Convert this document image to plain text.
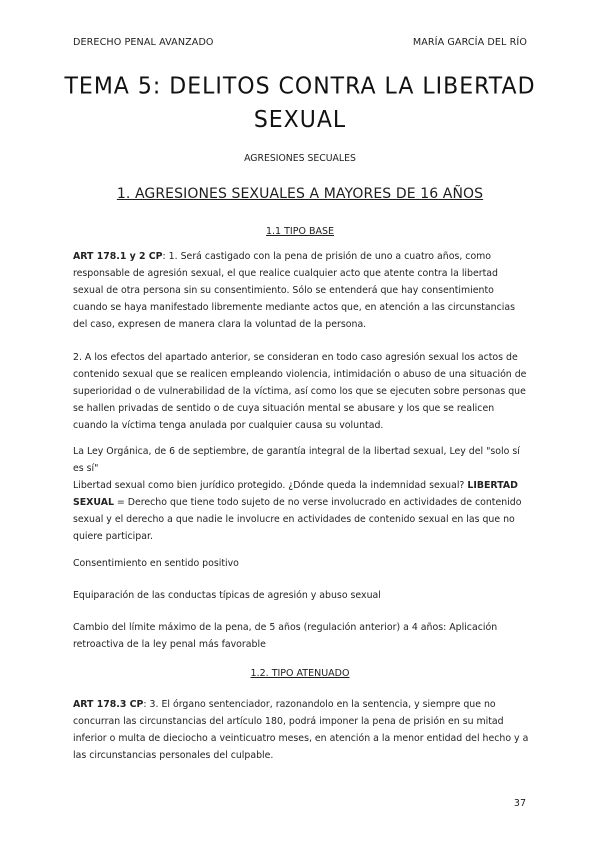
DERECHO PENAL AVANZADO	MARÍA GARCÍA DEL RÍO
TEMA 5: DELITOS CONTRA LA LIBERTAD SEXUAL
AGRESIONES SECUALES
1. AGRESIONES SEXUALES A MAYORES DE 16 AÑOS
1.1 TIPO BASE

ART 178.1 y 2 CP: 1. Será castigado con la pena de prisión de uno a cuatro años, como responsable de agresión sexual, el que realice cualquier acto que atente contra la libertad sexual de otra persona sin su consentimiento. Sólo se entenderá que hay consentimiento cuando se haya manifestado libremente mediante actos que, en atención a las circunstancias del caso, expresen de manera clara la voluntad de la persona.

2. A los efectos del apartado anterior, se consideran en todo caso agresión sexual los actos de contenido sexual que se realicen empleando violencia, intimidación o abuso de una situación de superioridad o de vulnerabilidad de la víctima, así como los que se ejecuten sobre personas que se hallen privadas de sentido o de cuya situación mental se abusare y los que se realicen cuando la víctima tenga anulada por cualquier causa su voluntad.

La Ley Orgánica, de 6 de septiembre, de garantía integral de la libertad sexual, Ley del "solo sí es sí"

Libertad sexual como bien jurídico protegido. ¿Dónde queda la indemnidad sexual? LIBERTAD SEXUAL = Derecho que tiene todo sujeto de no verse involucrado en actividades de contenido sexual y el derecho a que nadie le involucre en actividades de contenido sexual en las que no quiere participar.

Consentimiento en sentido positivo

Equiparación de las conductas típicas de agresión y abuso sexual

Cambio del límite máximo de la pena, de 5 años (regulación anterior) a 4 años: Aplicación retroactiva de la ley penal más favorable

1.2. TIPO ATENUADO

ART 178.3 CP: 3. El órgano sentenciador, razonandolo en la sentencia, y siempre que no concurran las circunstancias del artículo 180, podrá imponer la pena de prisión en su mitad inferior o multa de dieciocho a veinticuatro meses, en atención a la menor entidad del hecho y a las circunstancias personales del culpable.

37
